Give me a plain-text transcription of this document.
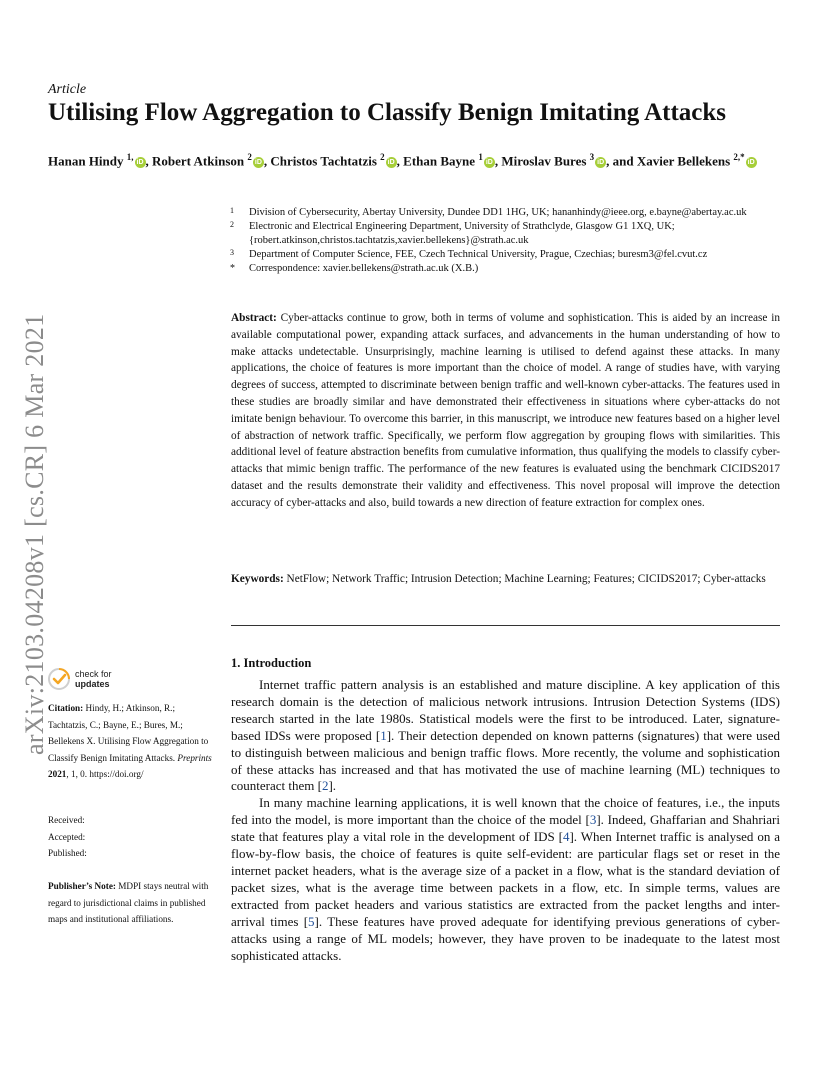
Article
Utilising Flow Aggregation to Classify Benign Imitating Attacks
Hanan Hindy $^{1,}$iD , Robert Atkinson $^2$iD , Christos Tachtatzis $^2$iD , Ethan Bayne $^1$iD , Miroslav Bures $^3$iD , and Xavier Bellekens $^{2,*}$iD
1 Division of Cybersecurity, Abertay University, Dundee DD1 1HG, UK; hananhindy@ieee.org, e.bayne@abertay.ac.uk
2 Electronic and Electrical Engineering Department, University of Strathclyde, Glasgow G1 1XQ, UK; {robert.atkinson,christos.tachtatzis,xavier.bellekens}@strath.ac.uk
3 Department of Computer Science, FEE, Czech Technical University, Prague, Czechias; buresm3@fel.cvut.cz
* Correspondence: xavier.bellekens@strath.ac.uk (X.B.)
Abstract: Cyber-attacks continue to grow, both in terms of volume and sophistication. This is aided by an increase in available computational power, expanding attack surfaces, and advancements in the human understanding of how to make attacks undetectable. Unsurprisingly, machine learning is utilised to defend against these attacks. In many applications, the choice of features is more important than the choice of model. A range of studies have, with varying degrees of success, attempted to discriminate between benign traffic and well-known cyber-attacks. The features used in these studies are broadly similar and have demonstrated their effectiveness in situations where cyber-attacks do not imitate benign behaviour. To overcome this barrier, in this manuscript, we introduce new features based on a higher level of abstraction of network traffic. Specifically, we perform flow aggregation by grouping flows with similarities. This additional level of feature abstraction benefits from cumulative information, thus qualifying the models to classify cyber-attacks that mimic benign traffic. The performance of the new features is evaluated using the benchmark CICIDS2017 dataset and the results demonstrate their validity and effectiveness. This novel proposal will improve the detection accuracy of cyber-attacks and also, build towards a new direction of feature extraction for complex ones.
Keywords: NetFlow; Network Traffic; Intrusion Detection; Machine Learning; Features; CICIDS2017; Cyber-attacks
1. Introduction

Internet traffic pattern analysis is an established and mature discipline. A key application of this research domain is the detection of malicious network intrusions. Intrusion Detection Systems (IDS) research started in the late 1980s. Statistical models were the first to be introduced. Later, signature-based IDSs were proposed [1]. Their detection depended on known patterns (signatures) that were used to distinguish between malicious and benign traffic flows. More recently, the volume and sophistication of these attacks has increased and that has motivated the use of machine learning (ML) techniques to counteract them [2].

In many machine learning applications, it is well known that the choice of features, i.e., the inputs fed into the model, is more important than the choice of the model [3]. Indeed, Ghaffarian and Shahriari state that features play a vital role in the development of IDS [4]. When Internet traffic is analysed on a flow-by-flow basis, the choice of features is quite self-evident: are particular flags set or reset in the internet packet headers, what is the average size of a packet in a flow, what is the standard deviation of packet sizes, what is the average time between packets in a flow, etc. In simple terms, values are extracted from packet headers and various statistics are extracted from the packet lengths and inter-arrival times [5]. These features have proved adequate for identifying previous generations of cyber-attacks using a range of ML models; however, they have proven to be inadequate to the latest most sophisticated attacks.

arXiv:2103.04208v1 [cs.CR] 6 Mar 2021	check for
updates
Citation: Hindy, H.; Atkinson, R.; Tachtatzis, C.; Bayne, E.; Bures, M.; Bellekens X. Utilising Flow Aggregation to Classify Benign Imitating Attacks. Preprints 2021, 1, 0. https://doi.org/
Received:
Accepted:
Published:
Publisher’s Note: MDPI stays neutral with regard to jurisdictional claims in published maps and institutional affiliations.
